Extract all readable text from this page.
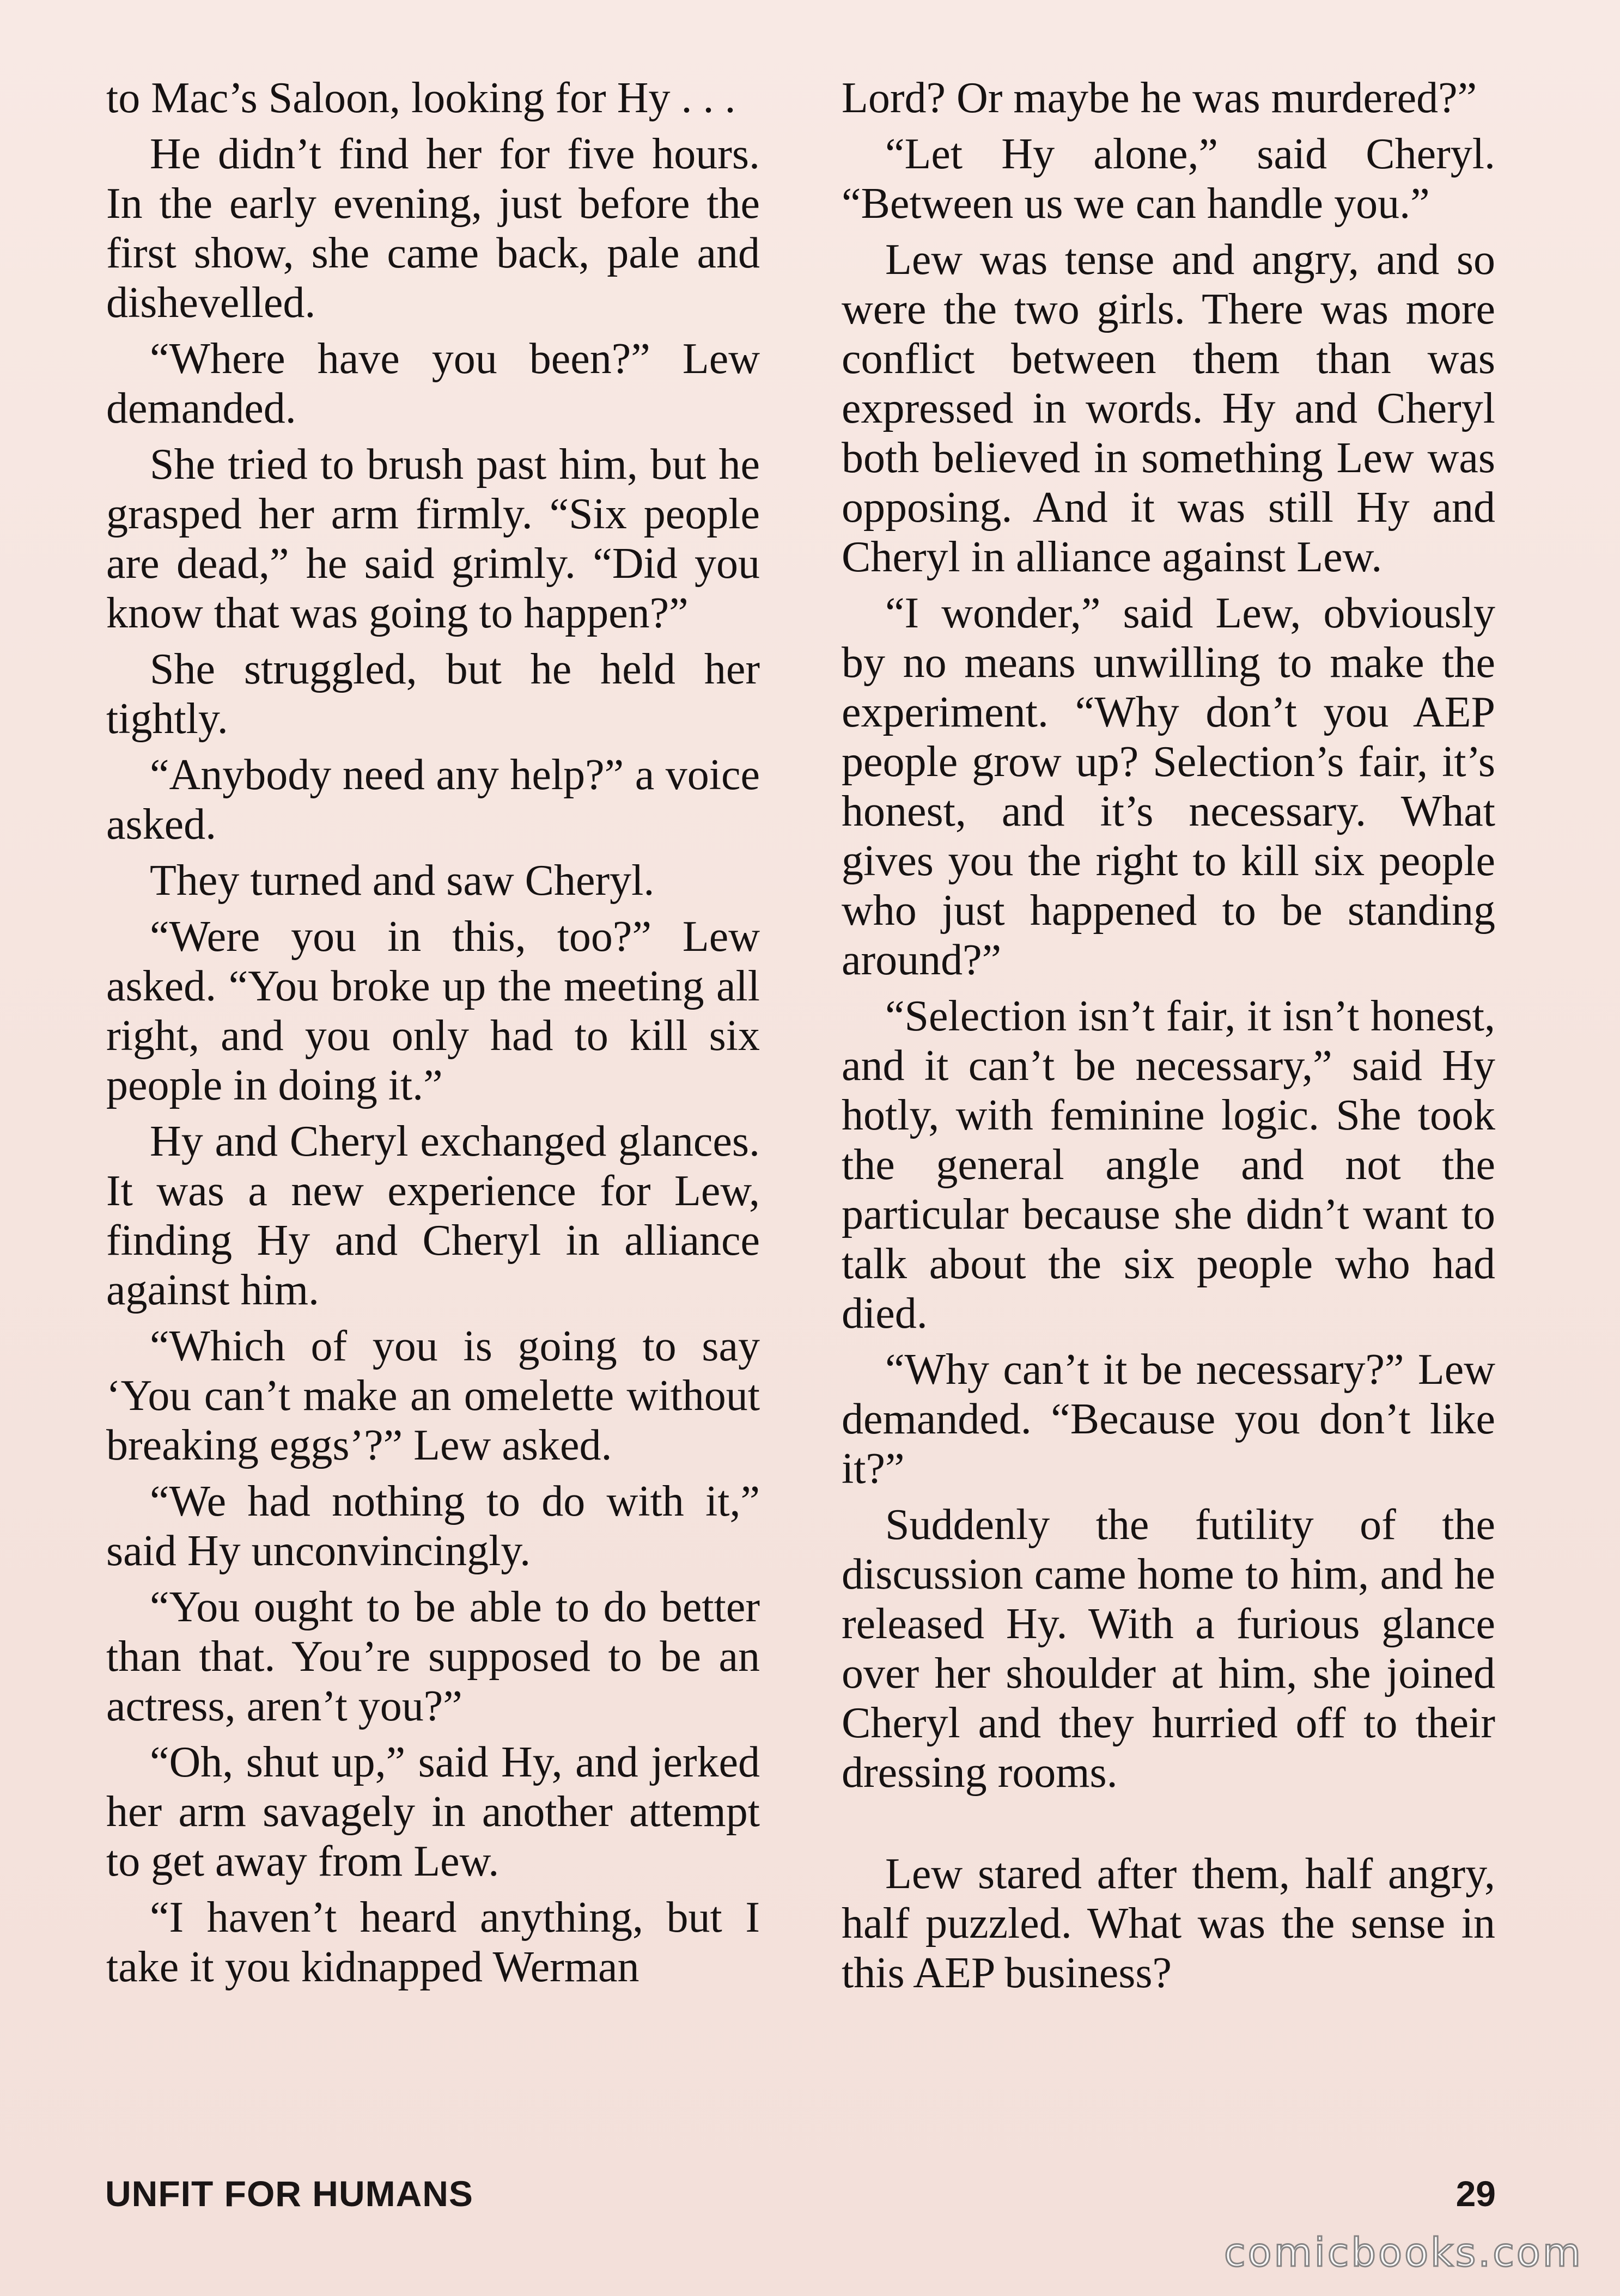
to Mac’s Saloon, looking for Hy . . .

He didn’t find her for five hours. In the early evening, just before the first show, she came back, pale and dishevelled.

“Where have you been?” Lew demanded.

She tried to brush past him, but he grasped her arm firmly. “Six people are dead,” he said grimly. “Did you know that was going to happen?”

She struggled, but he held her tightly.

“Anybody need any help?” a voice asked.

They turned and saw Cheryl.

“Were you in this, too?” Lew asked. “You broke up the meeting all right, and you only had to kill six people in doing it.”

Hy and Cheryl exchanged glances. It was a new experience for Lew, finding Hy and Cheryl in alliance against him.

“Which of you is going to say ‘You can’t make an omelette without breaking eggs’?” Lew asked.

“We had nothing to do with it,” said Hy unconvincingly.

“You ought to be able to do better than that. You’re supposed to be an actress, aren’t you?”

“Oh, shut up,” said Hy, and jerked her arm savagely in another attempt to get away from Lew.

“I haven’t heard anything, but I take it you kidnapped Werman

Lord? Or maybe he was murdered?”

“Let Hy alone,” said Cheryl. “Between us we can handle you.”

Lew was tense and angry, and so were the two girls. There was more conflict between them than was expressed in words. Hy and Cheryl both believed in something Lew was opposing. And it was still Hy and Cheryl in alliance against Lew.

“I wonder,” said Lew, obviously by no means unwilling to make the experiment. “Why don’t you AEP people grow up? Selection’s fair, it’s honest, and it’s necessary. What gives you the right to kill six people who just happened to be standing around?”

“Selection isn’t fair, it isn’t honest, and it can’t be necessary,” said Hy hotly, with feminine logic. She took the general angle and not the particular because she didn’t want to talk about the six people who had died.

“Why can’t it be necessary?” Lew demanded. “Because you don’t like it?”

Suddenly the futility of the discussion came home to him, and he released Hy. With a furious glance over her shoulder at him, she joined Cheryl and they hurried off to their dressing rooms.

Lew stared after them, half angry, half puzzled. What was the sense in this AEP business?

UNFIT FOR HUMANS	29
comicbooks.com
